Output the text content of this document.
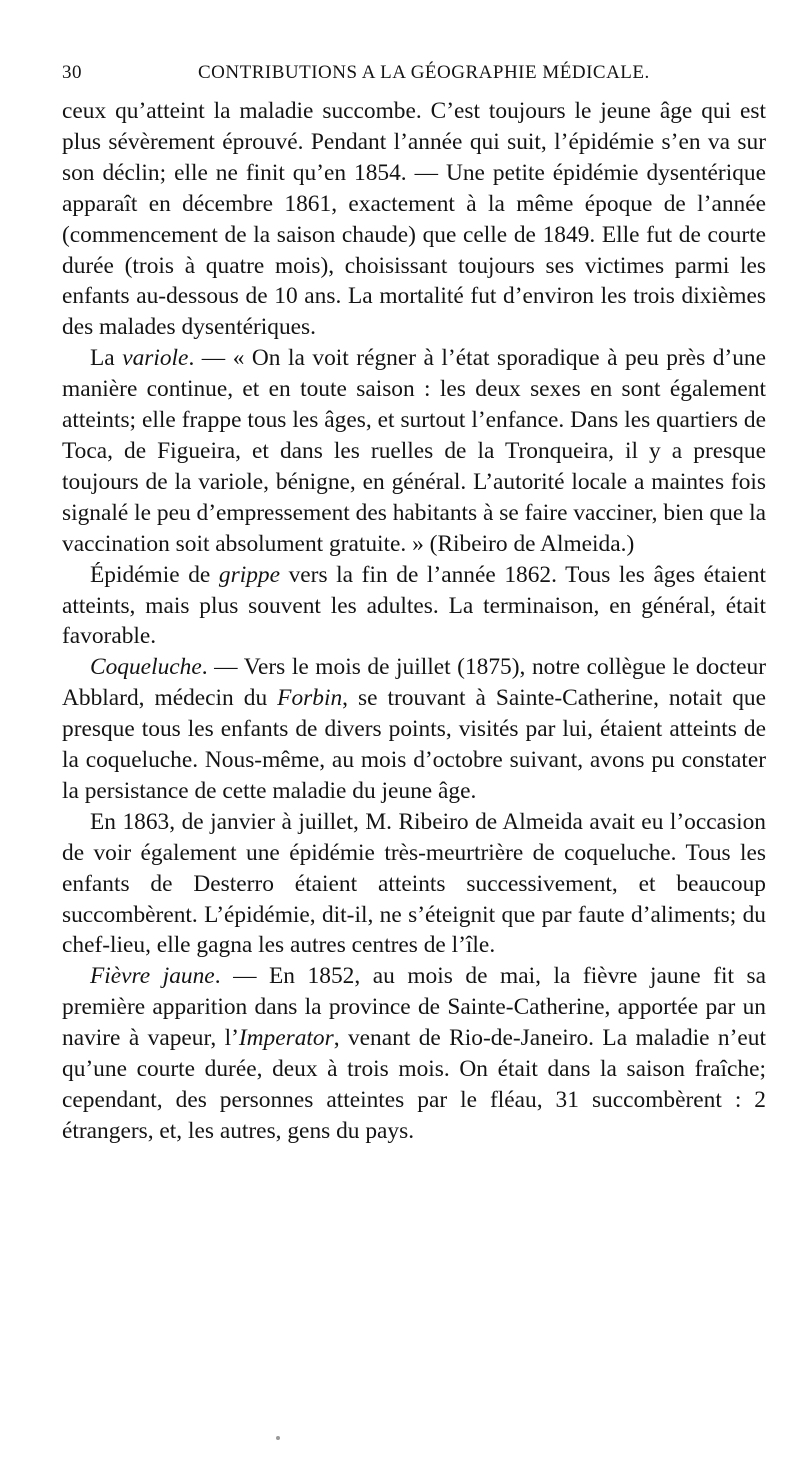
30	CONTRIBUTIONS A LA GÉOGRAPHIE MÉDICALE.

ceux qu’atteint la maladie succombe. C’est toujours le jeune âge qui est plus sévèrement éprouvé. Pendant l’année qui suit, l’épidémie s’en va sur son déclin; elle ne finit qu’en 1854. — Une petite épidémie dysentérique apparaît en décembre 1861, exactement à la même époque de l’année (commencement de la saison chaude) que celle de 1849. Elle fut de courte durée (trois à quatre mois), choisissant toujours ses victimes parmi les enfants au-dessous de 10 ans. La mortalité fut d’environ les trois dixièmes des malades dysentériques.

La variole. — « On la voit régner à l’état sporadique à peu près d’une manière continue, et en toute saison : les deux sexes en sont également atteints; elle frappe tous les âges, et surtout l’enfance. Dans les quartiers de Toca, de Figueira, et dans les ruelles de la Tronqueira, il y a presque toujours de la variole, bénigne, en général. L’autorité locale a maintes fois signalé le peu d’empressement des habitants à se faire vacciner, bien que la vaccination soit absolument gratuite. » (Ribeiro de Almeida.)

Épidémie de grippe vers la fin de l’année 1862. Tous les âges étaient atteints, mais plus souvent les adultes. La terminaison, en général, était favorable.

Coqueluche. — Vers le mois de juillet (1875), notre collègue le docteur Abblard, médecin du Forbin, se trouvant à Sainte-Catherine, notait que presque tous les enfants de divers points, visités par lui, étaient atteints de la coqueluche. Nous-même, au mois d’octobre suivant, avons pu constater la persistance de cette maladie du jeune âge.

En 1863, de janvier à juillet, M. Ribeiro de Almeida avait eu l’occasion de voir également une épidémie très-meurtrière de coqueluche. Tous les enfants de Desterro étaient atteints successivement, et beaucoup succombèrent. L’épidémie, dit-il, ne s’éteignit que par faute d’aliments; du chef-lieu, elle gagna les autres centres de l’île.

Fièvre jaune. — En 1852, au mois de mai, la fièvre jaune fit sa première apparition dans la province de Sainte-Catherine, apportée par un navire à vapeur, l’Imperator, venant de Rio-de-Janeiro. La maladie n’eut qu’une courte durée, deux à trois mois. On était dans la saison fraîche; cependant, des personnes atteintes par le fléau, 31 succombèrent : 2 étrangers, et, les autres, gens du pays.
